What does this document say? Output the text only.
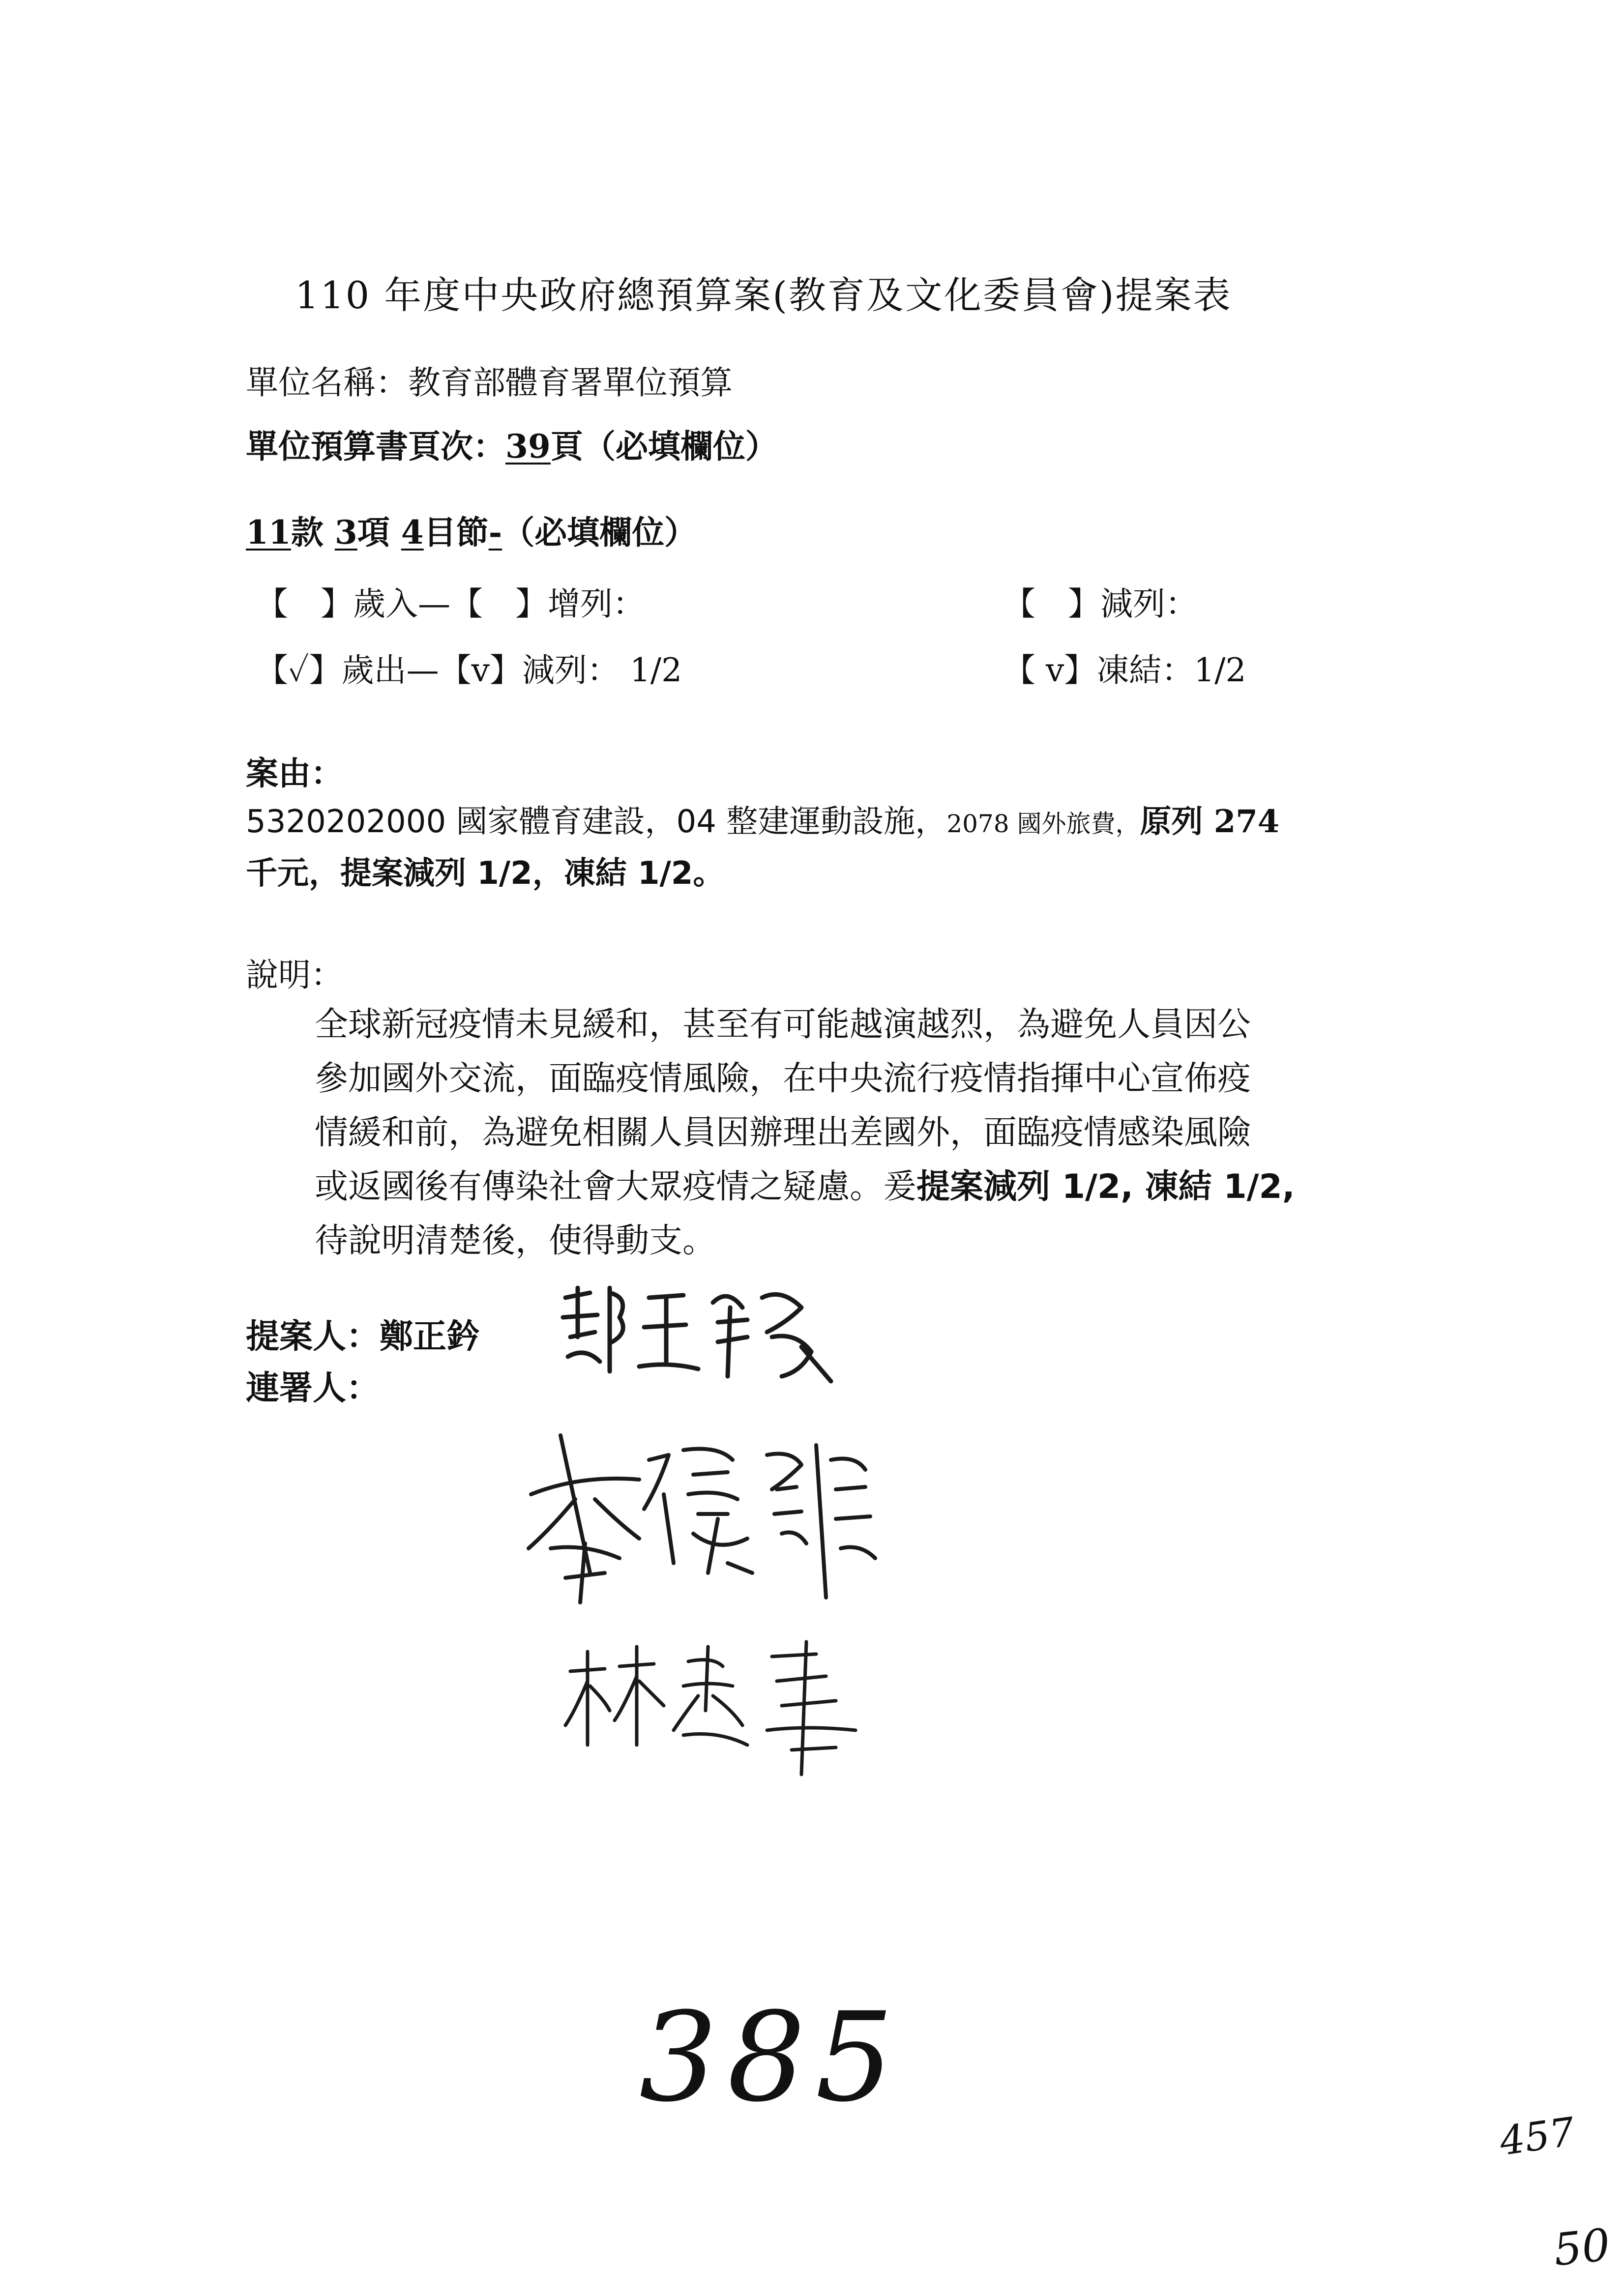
110 年度中央政府總預算案(教育及文化委員會)提案表
單位名稱：教育部體育署單位預算
單位預算書頁次：39頁（必填欄位）
11款 3項 4目節-（必填欄位）
【　】歲入—【　】增列：	【　】減列：
【✓】歲出—【v】減列： 1/2	【 v】凍結：1/2
案由：
5320202000 國家體育建設，04 整建運動設施，2078 國外旅費，原列 274
千元，提案減列 1/2，凍結 1/2。
說明：
全球新冠疫情未見緩和，甚至有可能越演越烈，為避免人員因公
參加國外交流，面臨疫情風險，在中央流行疫情指揮中心宣佈疫
情緩和前，為避免相關人員因辦理出差國外，面臨疫情感染風險
或返國後有傳染社會大眾疫情之疑慮。爰提案減列 1/2, 凍結 1/2,
待說明清楚後，使得動支。
提案人：鄭正鈐
連署人：
385
457
50
